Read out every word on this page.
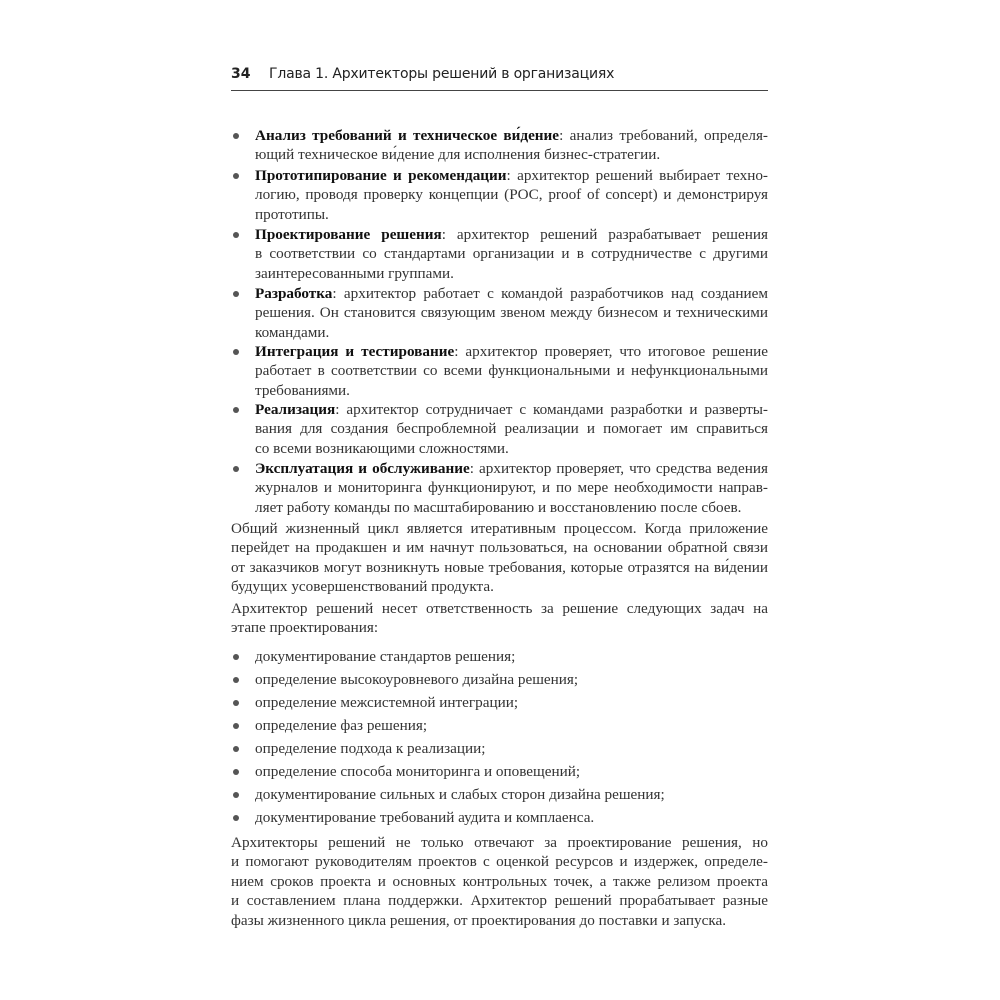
34 Глава 1. Архитекторы решений в организациях
Анализ требований и техническое ви́дение: анализ требований, определя-
ющий техническое ви́дение для исполнения бизнес-стратегии.
Прототипирование и рекомендации: архитектор решений выбирает техно-
логию, проводя проверку концепции (POC, proof of concept) и демонстрируя
прототипы.
Проектирование решения: архитектор решений разрабатывает решения
в соответствии со стандартами организации и в сотрудничестве с другими
заинтересованными группами.
Разработка: архитектор работает с командой разработчиков над созданием
решения. Он становится связующим звеном между бизнесом и техническими
командами.
Интеграция и тестирование: архитектор проверяет, что итоговое решение
работает в соответствии со всеми функциональными и нефункциональными
требованиями.
Реализация: архитектор сотрудничает с командами разработки и разверты-
вания для создания беспроблемной реализации и помогает им справиться
со всеми возникающими сложностями.
Эксплуатация и обслуживание: архитектор проверяет, что средства ведения
журналов и мониторинга функционируют, и по мере необходимости направ-
ляет работу команды по масштабированию и восстановлению после сбоев.
Общий жизненный цикл является итеративным процессом. Когда приложение
перейдет на продакшен и им начнут пользоваться, на основании обратной связи
от заказчиков могут возникнуть новые требования, которые отразятся на ви́дении
будущих усовершенствований продукта.
Архитектор решений несет ответственность за решение следующих задач на
этапе проектирования:
документирование стандартов решения;
определение высокоуровневого дизайна решения;
определение межсистемной интеграции;
определение фаз решения;
определение подхода к реализации;
определение способа мониторинга и оповещений;
документирование сильных и слабых сторон дизайна решения;
документирование требований аудита и комплаенса.
Архитекторы решений не только отвечают за проектирование решения, но
и помогают руководителям проектов с оценкой ресурсов и издержек, определе-
нием сроков проекта и основных контрольных точек, а также релизом проекта
и составлением плана поддержки. Архитектор решений прорабатывает разные
фазы жизненного цикла решения, от проектирования до поставки и запуска.
